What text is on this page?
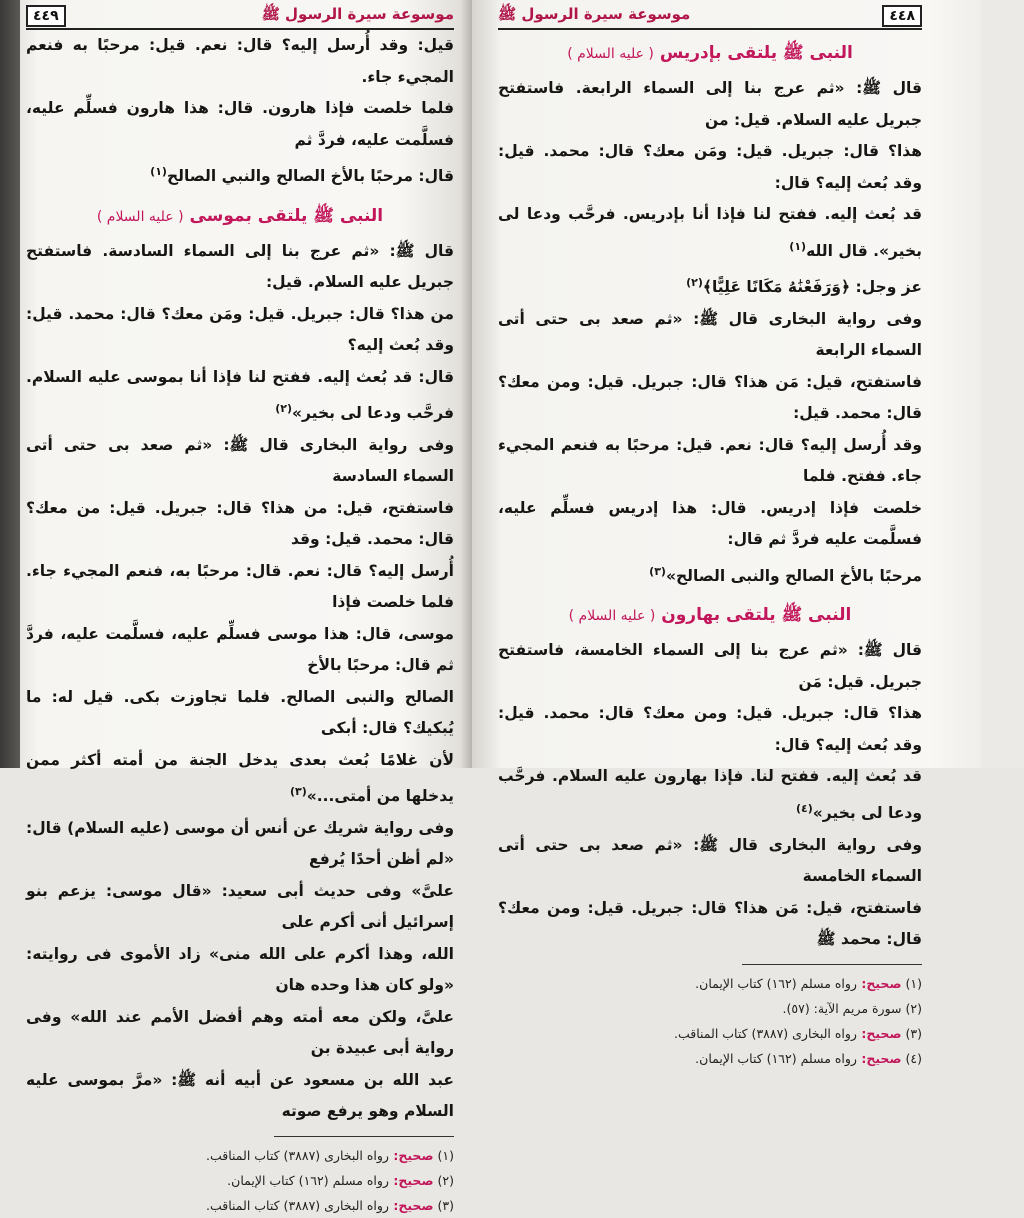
موسوعة سيرة الرسول ﷺ
٤٤٩

قيل: وقد أُرسل إليه؟ قال: نعم. قيل: مرحبًا به فنعم المجيء جاء.

فلما خلصت فإذا هارون. قال: هذا هارون فسلِّم عليه، فسلَّمت عليه، فردَّ ثم

قال: مرحبًا بالأخ الصالح والنبي الصالح$^{(١)}$

النبى ﷺ يلتقى بموسى ( عليه السلام )

قال ﷺ: «ثم عرج بنا إلى السماء السادسة. فاستفتح جبريل عليه السلام. قيل:

من هذا؟ قال: جبريل. قيل: ومَن معك؟ قال: محمد. قيل: وقد بُعث إليه؟

قال: قد بُعث إليه. ففتح لنا فإذا أنا بموسى عليه السلام. فرحَّب ودعا لى بخير»$^{(٢)}$

وفى رواية البخارى قال ﷺ: «ثم صعد بى حتى أتى السماء السادسة

فاستفتح، قيل: من هذا؟ قال: جبريل. قيل: من معك؟ قال: محمد. قيل: وقد

أُرسل إليه؟ قال: نعم. قال: مرحبًا به، فنعم المجيء جاء. فلما خلصت فإذا

موسى، قال: هذا موسى فسلِّم عليه، فسلَّمت عليه، فردَّ ثم قال: مرحبًا بالأخ

الصالح والنبى الصالح. فلما تجاوزت بكى. قيل له: ما يُبكيك؟ قال: أبكى

لأن غلامًا بُعث بعدى يدخل الجنة من أمته أكثر ممن يدخلها من أمتى...»$^{(٣)}$

وفى رواية شريك عن أنس أن موسى (عليه السلام) قال: «لم أظن أحدًا يُرفع

علىَّ» وفى حديث أبى سعيد: «قال موسى: يزعم بنو إسرائيل أنى أكرم على

الله، وهذا أكرم على الله منى» زاد الأموى فى روايته: «ولو كان هذا وحده هان

علىَّ، ولكن معه أمته وهم أفضل الأمم عند الله» وفى رواية أبى عبيدة بن

عبد الله بن مسعود عن أبيه أنه ﷺ: «مرَّ بموسى عليه السلام وهو يرفع صوته

(١) صحيح: رواه البخارى (٣٨٨٧) كتاب المناقب.
(٢) صحيح: رواه مسلم (١٦٢) كتاب الإيمان.
(٣) صحيح: رواه البخارى (٣٨٨٧) كتاب المناقب.
٤٤٨
موسوعة سيرة الرسول ﷺ
النبى ﷺ يلتقى بإدريس ( عليه السلام )

قال ﷺ: «ثم عرج بنا إلى السماء الرابعة. فاستفتح جبريل عليه السلام. قيل: من

هذا؟ قال: جبريل. قيل: ومَن معك؟ قال: محمد. قيل: وقد بُعث إليه؟ قال:

قد بُعث إليه. ففتح لنا فإذا أنا بإدريس. فرحَّب ودعا لى بخير». قال الله$^{(١)}$

عز وجل: ﴿وَرَفَعْنَٰهُ مَكَانًا عَلِيًّا﴾$^{(٢)}$

وفى رواية البخارى قال ﷺ: «ثم صعد بى حتى أتى السماء الرابعة

فاستفتح، قيل: مَن هذا؟ قال: جبريل. قيل: ومن معك؟ قال: محمد. قيل:

وقد أُرسل إليه؟ قال: نعم. قيل: مرحبًا به فنعم المجيء جاء. ففتح. فلما

خلصت فإذا إدريس. قال: هذا إدريس فسلِّم عليه، فسلَّمت عليه فردَّ ثم قال:

مرحبًا بالأخ الصالح والنبى الصالح»$^{(٣)}$

النبى ﷺ يلتقى بهارون ( عليه السلام )

قال ﷺ: «ثم عرج بنا إلى السماء الخامسة، فاستفتح جبريل. قيل: مَن

هذا؟ قال: جبريل. قيل: ومن معك؟ قال: محمد. قيل: وقد بُعث إليه؟ قال:

قد بُعث إليه. ففتح لنا. فإذا بهارون عليه السلام. فرحَّب ودعا لى بخير»$^{(٤)}$

وفى رواية البخارى قال ﷺ: «ثم صعد بى حتى أتى السماء الخامسة

فاستفتح، قيل: مَن هذا؟ قال: جبريل. قيل: ومن معك؟ قال: محمد ﷺ

(١) صحيح: رواه مسلم (١٦٢) كتاب الإيمان.
(٢) سورة مريم الآية: (٥٧).
(٣) صحيح: رواه البخارى (٣٨٨٧) كتاب المناقب.
(٤) صحيح: رواه مسلم (١٦٢) كتاب الإيمان.
